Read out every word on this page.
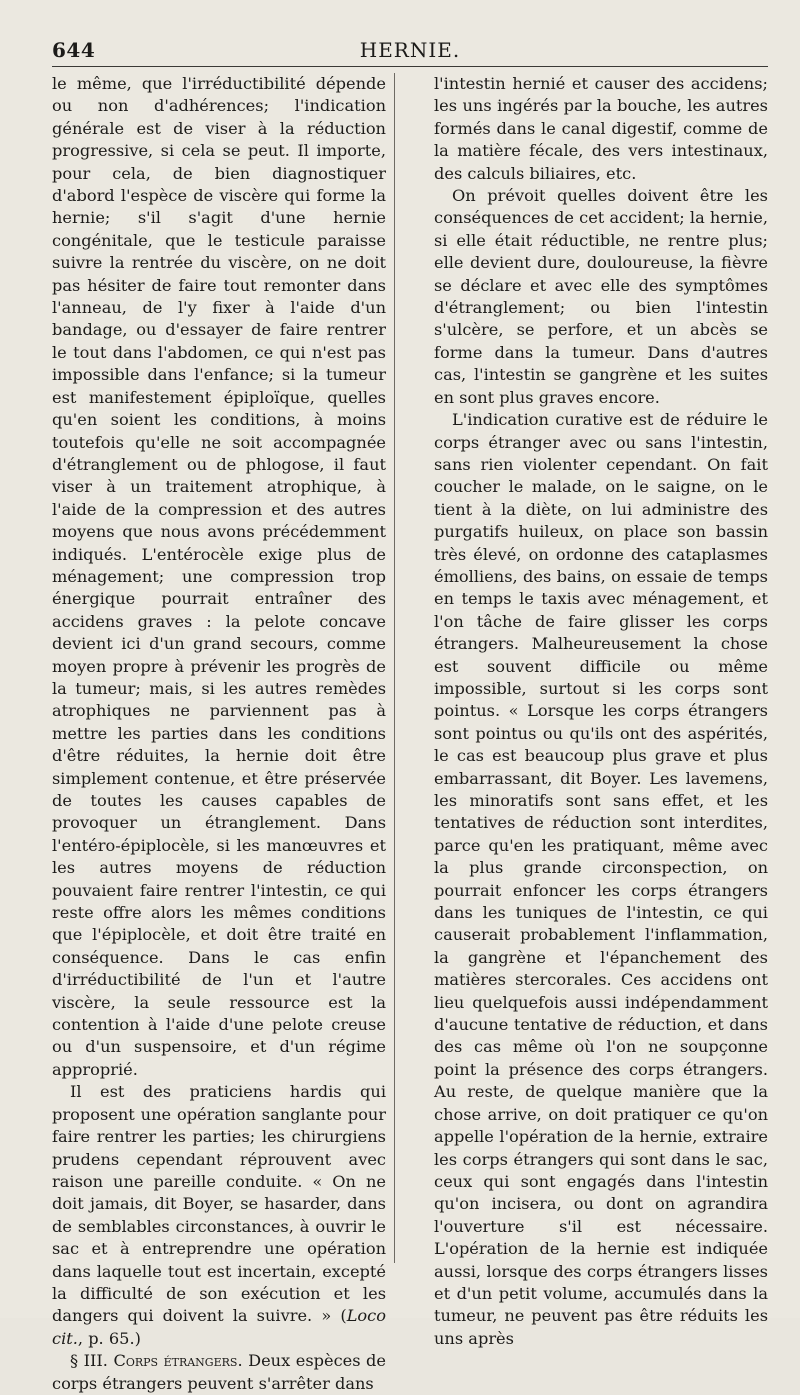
644	HERNIE.

le même, que l'irréductibilité dépende ou non d'adhérences; l'indication générale est de viser à la réduction progressive, si cela se peut. Il importe, pour cela, de bien diagnostiquer d'abord l'espèce de viscère qui forme la hernie; s'il s'agit d'une hernie congénitale, que le testicule paraisse suivre la rentrée du viscère, on ne doit pas hésiter de faire tout remonter dans l'anneau, de l'y fixer à l'aide d'un bandage, ou d'essayer de faire rentrer le tout dans l'abdomen, ce qui n'est pas impossible dans l'enfance; si la tumeur est manifestement épiploïque, quelles qu'en soient les conditions, à moins toutefois qu'elle ne soit accompagnée d'étranglement ou de phlogose, il faut viser à un traitement atrophique, à l'aide de la compression et des autres moyens que nous avons précédemment indiqués. L'entérocèle exige plus de ménagement; une compression trop énergique pourrait entraîner des accidens graves : la pelote concave devient ici d'un grand secours, comme moyen propre à prévenir les progrès de la tumeur; mais, si les autres remèdes atrophiques ne parviennent pas à mettre les parties dans les conditions d'être réduites, la hernie doit être simplement contenue, et être préservée de toutes les causes capables de provoquer un étranglement. Dans l'entéro-épiplocèle, si les manœuvres et les autres moyens de réduction pouvaient faire rentrer l'intestin, ce qui reste offre alors les mêmes conditions que l'épiplocèle, et doit être traité en conséquence. Dans le cas enfin d'irréductibilité de l'un et l'autre viscère, la seule ressource est la contention à l'aide d'une pelote creuse ou d'un suspensoire, et d'un régime approprié.

Il est des praticiens hardis qui proposent une opération sanglante pour faire rentrer les parties; les chirurgiens prudens cependant réprouvent avec raison une pareille conduite. « On ne doit jamais, dit Boyer, se hasarder, dans de semblables circonstances, à ouvrir le sac et à entreprendre une opération dans laquelle tout est incertain, excepté la difficulté de son exécution et les dangers qui doivent la suivre. » (Loco cit., p. 65.)

§ III. Corps étrangers. Deux espèces de corps étrangers peuvent s'arrêter dans

l'intestin hernié et causer des accidens; les uns ingérés par la bouche, les autres formés dans le canal digestif, comme de la matière fécale, des vers intestinaux, des calculs biliaires, etc.

On prévoit quelles doivent être les conséquences de cet accident; la hernie, si elle était réductible, ne rentre plus; elle devient dure, douloureuse, la fièvre se déclare et avec elle des symptômes d'étranglement; ou bien l'intestin s'ulcère, se perfore, et un abcès se forme dans la tumeur. Dans d'autres cas, l'intestin se gangrène et les suites en sont plus graves encore.

L'indication curative est de réduire le corps étranger avec ou sans l'intestin, sans rien violenter cependant. On fait coucher le malade, on le saigne, on le tient à la diète, on lui administre des purgatifs huileux, on place son bassin très élevé, on ordonne des cataplasmes émolliens, des bains, on essaie de temps en temps le taxis avec ménagement, et l'on tâche de faire glisser les corps étrangers. Malheureusement la chose est souvent difficile ou même impossible, surtout si les corps sont pointus. « Lorsque les corps étrangers sont pointus ou qu'ils ont des aspérités, le cas est beaucoup plus grave et plus embarrassant, dit Boyer. Les lavemens, les minoratifs sont sans effet, et les tentatives de réduction sont interdites, parce qu'en les pratiquant, même avec la plus grande circonspection, on pourrait enfoncer les corps étrangers dans les tuniques de l'intestin, ce qui causerait probablement l'inflammation, la gangrène et l'épanchement des matières stercorales. Ces accidens ont lieu quelquefois aussi indépendamment d'aucune tentative de réduction, et dans des cas même où l'on ne soupçonne point la présence des corps étrangers. Au reste, de quelque manière que la chose arrive, on doit pratiquer ce qu'on appelle l'opération de la hernie, extraire les corps étrangers qui sont dans le sac, ceux qui sont engagés dans l'intestin qu'on incisera, ou dont on agrandira l'ouverture s'il est nécessaire. L'opération de la hernie est indiquée aussi, lorsque des corps étrangers lisses et d'un petit volume, accumulés dans la tumeur, ne peuvent pas être réduits les uns après
